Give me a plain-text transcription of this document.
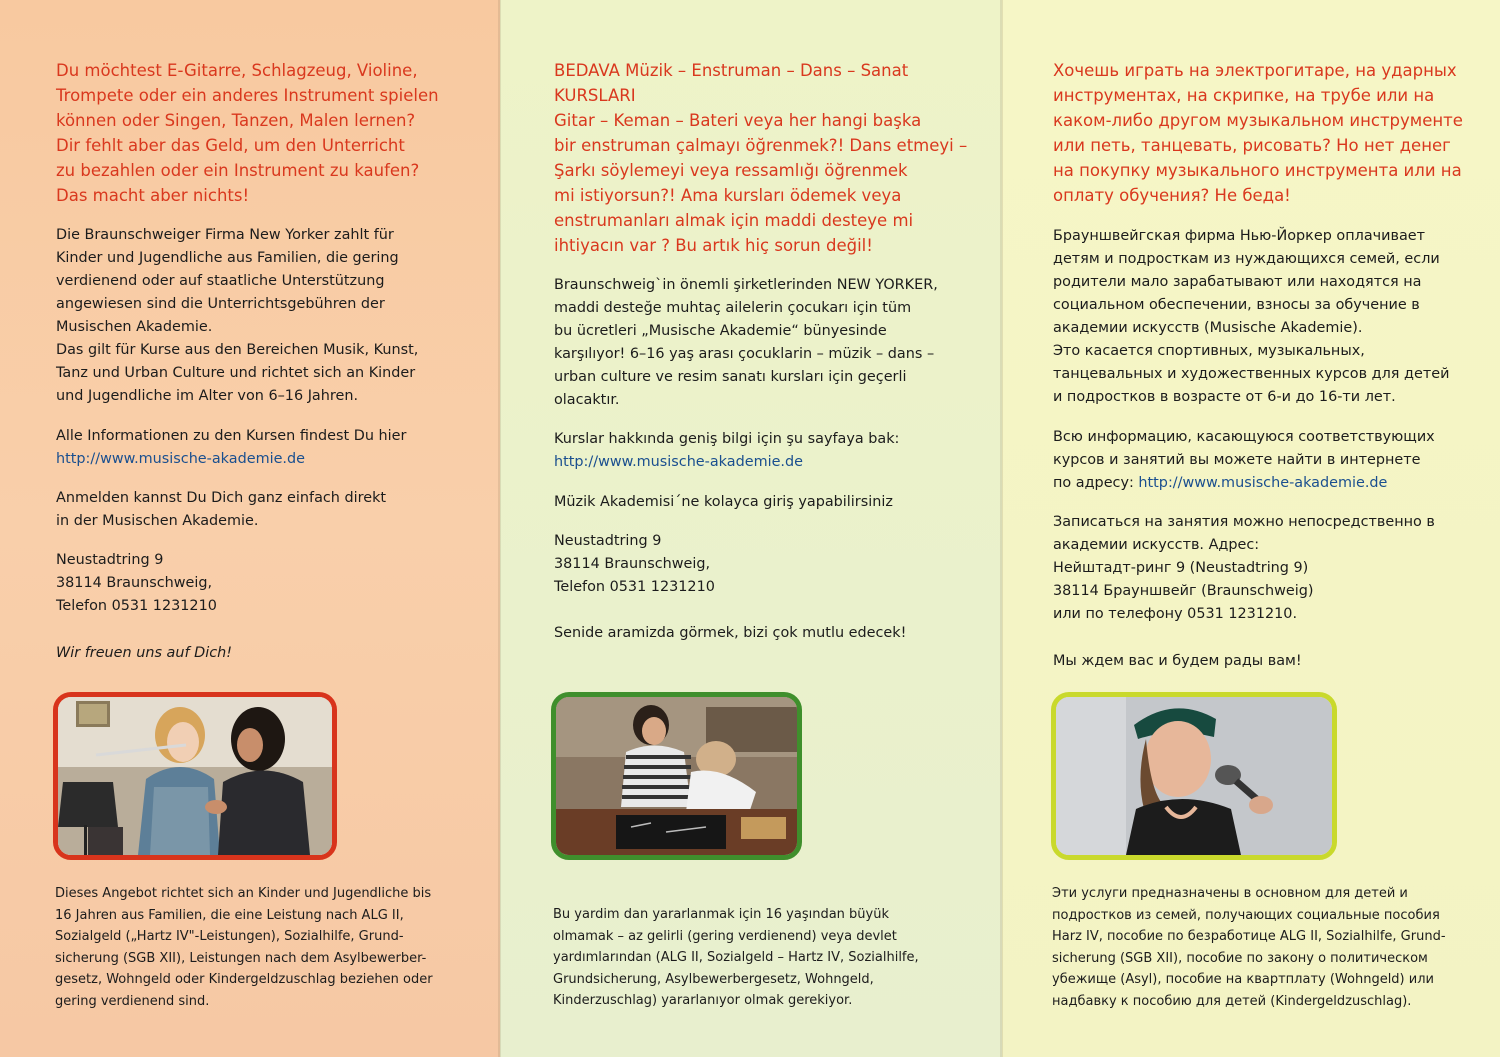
Du möchtest E-Gitarre, Schlagzeug, Violine,
Trompete oder ein anderes Instrument spielen
können oder Singen, Tanzen, Malen lernen?
Dir fehlt aber das Geld, um den Unterricht
zu bezahlen oder ein Instrument zu kaufen?
Das macht aber nichts!
Die Braunschweiger Firma New Yorker zahlt für
Kinder und Jugendliche aus Familien, die gering
verdienend oder auf staatliche Unterstützung
angewiesen sind die Unterrichtsgebühren der
Musischen Akademie.
Das gilt für Kurse aus den Bereichen Musik, Kunst,
Tanz und Urban Culture und richtet sich an Kinder
und Jugendliche im Alter von 6–16 Jahren.
Alle Informationen zu den Kursen findest Du hier
http://www.musische-akademie.de
Anmelden kannst Du Dich ganz einfach direkt
in der Musischen Akademie.
Neustadtring 9
38114 Braunschweig,
Telefon 0531 1231210
Wir freuen uns auf Dich!
Dieses Angebot richtet sich an Kinder und Jugendliche bis
16 Jahren aus Familien, die eine Leistung nach ALG II,
Sozialgeld („Hartz IV"-Leistungen), Sozialhilfe, Grund-
sicherung (SGB XII), Leistungen nach dem Asylbewerber-
gesetz, Wohngeld oder Kindergeldzuschlag beziehen oder
gering verdienend sind.
BEDAVA Müzik – Enstruman – Dans – Sanat
KURSLARI
Gitar – Keman – Bateri veya her hangi başka
bir enstruman çalmayı öğrenmek?! Dans etmeyi –
Şarkı söylemeyi veya ressamlığı öğrenmek
mi istiyorsun?! Ama kursları ödemek veya
enstrumanları almak için maddi desteye mi
ihtiyacın var ? Bu artık hiç sorun değil!
Braunschweig`in önemli şirketlerinden NEW YORKER,
maddi desteğe muhtaç ailelerin çocukarı için tüm
bu ücretleri „Musische Akademie“ bünyesinde
karşılıyor! 6–16 yaş arası çocuklarin – müzik – dans –
urban culture ve resim sanatı kursları için geçerli
olacaktır.
Kurslar hakkında geniş bilgi için şu sayfaya bak:
http://www.musische-akademie.de
Müzik Akademisi´ne kolayca giriş yapabilirsiniz
Neustadtring 9
38114 Braunschweig,
Telefon 0531 1231210
Senide aramizda görmek, bizi çok mutlu edecek!
Bu yardim dan yararlanmak için 16 yaşından büyük
olmamak – az gelirli (gering verdienend) veya devlet
yardımlarından (ALG II, Sozialgeld – Hartz IV, Sozialhilfe,
Grundsicherung, Asylbewerbergesetz, Wohngeld,
Kinderzuschlag) yararlanıyor olmak gerekiyor.
Хочешь играть на электрогитаре, на ударных
инструментах, на скрипке, на трубе или на
каком-либо другом музыкальном инструменте
или петь, танцевать, рисовать? Но нет денег
на покупку музыкального инструмента или на
оплату обучения? Не беда!
Брауншвейгская фирма Нью-Йоркер оплачивает
детям и подросткам из нуждающихся семей, если
родители мало зарабатывают или находятся на
социальном обеспечении, взносы за обучение в
академии искусств (Musische Akademie).
Это касается спортивных, музыкальных,
танцевальных и художественных курсов для детей
и подростков в возрасте от 6-и до 16-ти лет.
Всю информацию, касающуюся соответствующих
курсов и занятий вы можете найти в интернете
по адресу: http://www.musische-akademie.de
Записаться на занятия можно непосредственно в
академии искусств. Адрес:
Нейштадт-ринг 9 (Neustadtring 9)
38114 Брауншвейг (Braunschweig)
или по телефону 0531 1231210.
Мы ждем вас и будем рады вам!
Эти услуги предназначены в основном для детей и
подростков из семей, получающих социальные пособия
Harz IV, пособие по безработице ALG II, Sozialhilfe, Grund-
sicherung (SGB XII), пособие по закону о политическом
убежище (Asyl), пособие на квартплату (Wohngeld) или
надбавку к пособию для детей (Kindergeldzuschlag).
